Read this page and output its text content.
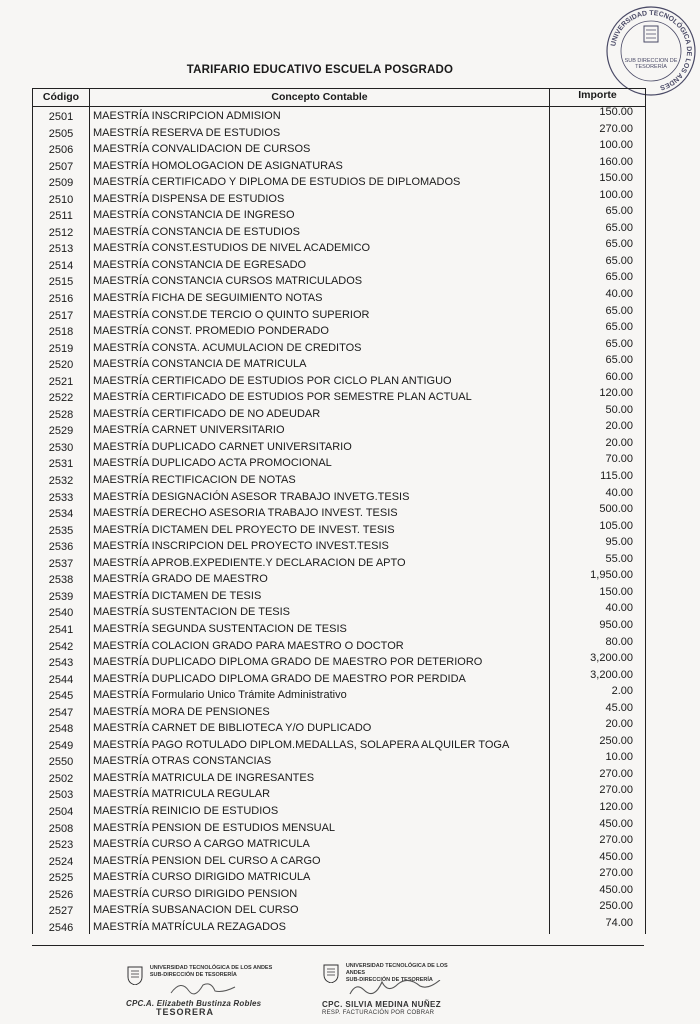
TARIFARIO EDUCATIVO ESCUELA POSGRADO
UNIVERSIDAD TECNOLÓGICA DE LOS ANDES
SUB DIRECCIÓN DE TESORERÍA
Código	Concepto Contable	Importe
2501	MAESTRÍA INSCRIPCION ADMISION	150.00
2505	MAESTRÍA RESERVA DE ESTUDIOS	270.00
2506	MAESTRÍA CONVALIDACION DE CURSOS	100.00
2507	MAESTRÍA HOMOLOGACION DE ASIGNATURAS	160.00
2509	MAESTRÍA CERTIFICADO Y DIPLOMA DE ESTUDIOS DE DIPLOMADOS	150.00
2510	MAESTRÍA DISPENSA DE ESTUDIOS	100.00
2511	MAESTRÍA CONSTANCIA DE INGRESO	65.00
2512	MAESTRÍA CONSTANCIA DE ESTUDIOS	65.00
2513	MAESTRÍA CONST.ESTUDIOS DE NIVEL ACADEMICO	65.00
2514	MAESTRÍA CONSTANCIA DE EGRESADO	65.00
2515	MAESTRÍA CONSTANCIA CURSOS MATRICULADOS	65.00
2516	MAESTRÍA FICHA DE SEGUIMIENTO NOTAS	40.00
2517	MAESTRÍA CONST.DE TERCIO O QUINTO SUPERIOR	65.00
2518	MAESTRÍA CONST. PROMEDIO PONDERADO	65.00
2519	MAESTRÍA CONSTA. ACUMULACION DE CREDITOS	65.00
2520	MAESTRÍA CONSTANCIA DE MATRICULA	65.00
2521	MAESTRÍA CERTIFICADO DE ESTUDIOS POR CICLO PLAN ANTIGUO	60.00
2522	MAESTRÍA CERTIFICADO DE ESTUDIOS POR SEMESTRE PLAN ACTUAL	120.00
2528	MAESTRÍA CERTIFICADO DE NO ADEUDAR	50.00
2529	MAESTRÍA CARNET UNIVERSITARIO	20.00
2530	MAESTRÍA DUPLICADO CARNET UNIVERSITARIO	20.00
2531	MAESTRÍA DUPLICADO ACTA PROMOCIONAL	70.00
2532	MAESTRÍA RECTIFICACION DE NOTAS	115.00
2533	MAESTRÍA DESIGNACIÓN ASESOR TRABAJO INVETG.TESIS	40.00
2534	MAESTRÍA DERECHO ASESORIA TRABAJO INVEST. TESIS	500.00
2535	MAESTRÍA DICTAMEN DEL PROYECTO DE INVEST. TESIS	105.00
2536	MAESTRÍA INSCRIPCION DEL PROYECTO INVEST.TESIS	95.00
2537	MAESTRÍA APROB.EXPEDIENTE.Y DECLARACION DE APTO	55.00
2538	MAESTRÍA GRADO DE MAESTRO	1,950.00
2539	MAESTRÍA DICTAMEN DE TESIS	150.00
2540	MAESTRÍA SUSTENTACION DE TESIS	40.00
2541	MAESTRÍA SEGUNDA SUSTENTACION DE TESIS	950.00
2542	MAESTRÍA COLACION GRADO PARA MAESTRO O DOCTOR	80.00
2543	MAESTRÍA DUPLICADO DIPLOMA GRADO DE MAESTRO POR DETERIORO	3,200.00
2544	MAESTRÍA DUPLICADO DIPLOMA GRADO DE MAESTRO POR PERDIDA	3,200.00
2545	MAESTRÍA Formulario Unico Trámite Administrativo	2.00
2547	MAESTRÍA MORA DE PENSIONES	45.00
2548	MAESTRÍA CARNET DE BIBLIOTECA Y/O DUPLICADO	20.00
2549	MAESTRÍA PAGO ROTULADO DIPLOM.MEDALLAS, SOLAPERA ALQUILER TOGA	250.00
2550	MAESTRÍA OTRAS CONSTANCIAS	10.00
2502	MAESTRÍA MATRICULA DE INGRESANTES	270.00
2503	MAESTRÍA MATRICULA REGULAR	270.00
2504	MAESTRÍA REINICIO DE ESTUDIOS	120.00
2508	MAESTRÍA PENSION DE ESTUDIOS MENSUAL	450.00
2523	MAESTRÍA CURSO A CARGO MATRICULA	270.00
2524	MAESTRÍA PENSION DEL CURSO A CARGO	450.00
2525	MAESTRÍA CURSO DIRIGIDO MATRICULA	270.00
2526	MAESTRÍA CURSO DIRIGIDO PENSION	450.00
2527	MAESTRÍA SUBSANACION DEL CURSO	250.00
2546	MAESTRÍA MATRÍCULA REZAGADOS	74.00
UNIVERSIDAD TECNOLÓGICA DE LOS ANDES
SUB-DIRECCIÓN DE TESORERÍA
CPC.A. Elizabeth Bustinza Robles
TESORERA
UNIVERSIDAD TECNOLÓGICA DE LOS ANDES
SUB-DIRECCIÓN DE TESORERÍA
CPC. SILVIA MEDINA NUÑEZ
RESP. FACTURACIÓN POR COBRAR
